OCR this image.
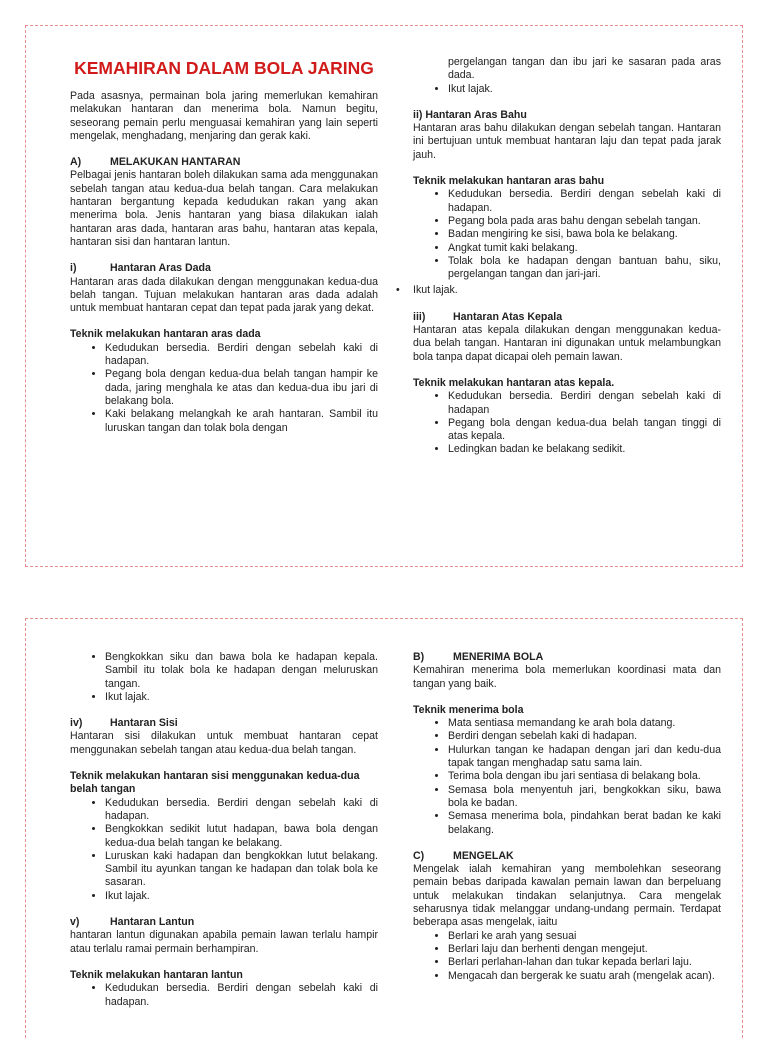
KEMAHIRAN DALAM BOLA JARING

Pada asasnya, permainan bola jaring memerlukan kemahiran melakukan hantaran dan menerima bola. Namun begitu, seseorang pemain perlu menguasai kemahiran yang lain seperti mengelak, menghadang, menjaring dan gerak kaki.

A)	MELAKUKAN HANTARAN

Pelbagai jenis hantaran boleh dilakukan sama ada menggunakan sebelah tangan atau kedua-dua belah tangan. Cara melakukan hantaran bergantung kepada kedudukan rakan yang akan menerima bola. Jenis hantaran yang biasa dilakukan ialah hantaran aras dada, hantaran aras bahu, hantaran atas kepala, hantaran sisi dan hantaran lantun.

i)	Hantaran Aras Dada

Hantaran aras dada dilakukan dengan menggunakan kedua-dua belah tangan. Tujuan melakukan hantaran aras dada adalah untuk membuat hantaran cepat dan tepat pada jarak yang dekat.

Teknik melakukan hantaran aras dada
• Kedudukan bersedia. Berdiri dengan sebelah kaki di hadapan.
• Pegang bola dengan kedua-dua belah tangan hampir ke dada, jaring menghala ke atas dan kedua-dua ibu jari di belakang bola.
• Kaki belakang melangkah ke arah hantaran. Sambil itu luruskan tangan dan tolak bola dengan

pergelangan tangan dan ibu jari ke sasaran pada aras dada.

• Ikut lajak.
ii) Hantaran Aras Bahu

Hantaran aras bahu dilakukan dengan sebelah tangan. Hantaran ini bertujuan untuk membuat hantaran laju dan tepat pada jarak jauh.

Teknik melakukan hantaran aras bahu
• Kedudukan bersedia. Berdiri dengan sebelah kaki di hadapan.
• Pegang bola pada aras bahu dengan sebelah tangan.
• Badan mengiring ke sisi, bawa bola ke belakang.
• Angkat tumit kaki belakang.
• Tolak bola ke hadapan dengan bantuan bahu, siku, pergelangan tangan dan jari-jari.
•	Ikut lajak.
iii)	Hantaran Atas Kepala

Hantaran atas kepala dilakukan dengan menggunakan kedua-dua belah tangan. Hantaran ini digunakan untuk melambungkan bola tanpa dapat dicapai oleh pemain lawan.

Teknik melakukan hantaran atas kepala.
• Kedudukan bersedia. Berdiri dengan sebelah kaki di hadapan
• Pegang bola dengan kedua-dua belah tangan tinggi di atas kepala.
• Ledingkan badan ke belakang sedikit.
• Bengkokkan siku dan bawa bola ke hadapan kepala. Sambil itu tolak bola ke hadapan dengan meluruskan tangan.
• Ikut lajak.
iv)	Hantaran Sisi

Hantaran sisi dilakukan untuk membuat hantaran cepat menggunakan sebelah tangan atau kedua-dua belah tangan.

Teknik melakukan hantaran sisi menggunakan kedua-dua belah tangan
• Kedudukan bersedia. Berdiri dengan sebelah kaki di hadapan.
• Bengkokkan sedikit lutut hadapan, bawa bola dengan kedua-dua belah tangan ke belakang.
• Luruskan kaki hadapan dan bengkokkan lutut belakang. Sambil itu ayunkan tangan ke hadapan dan tolak bola ke sasaran.
• Ikut lajak.
v)	Hantaran Lantun

hantaran lantun digunakan apabila pemain lawan terlalu hampir atau terlalu ramai permain berhampiran.

Teknik melakukan hantaran lantun
• Kedudukan bersedia. Berdiri dengan sebelah kaki di hadapan.
B)	MENERIMA BOLA

Kemahiran menerima bola memerlukan koordinasi mata dan tangan yang baik.

Teknik menerima bola
• Mata sentiasa memandang ke arah bola datang.
• Berdiri dengan sebelah kaki di hadapan.
• Hulurkan tangan ke hadapan dengan jari dan kedu-dua tapak tangan menghadap satu sama lain.
• Terima bola dengan ibu jari sentiasa di belakang bola.
• Semasa bola menyentuh jari, bengkokkan siku, bawa bola ke badan.
• Semasa menerima bola, pindahkan berat badan ke kaki belakang.
C)	MENGELAK

Mengelak ialah kemahiran yang membolehkan seseorang pemain bebas daripada kawalan pemain lawan dan berpeluang untuk melakukan tindakan selanjutnya. Cara mengelak seharusnya tidak melanggar undang-undang permain. Terdapat beberapa asas mengelak, iaitu

• Berlari ke arah yang sesuai
• Berlari laju dan berhenti dengan mengejut.
• Berlari perlahan-lahan dan tukar kepada berlari laju.
• Mengacah dan bergerak ke suatu arah (mengelak acan).
